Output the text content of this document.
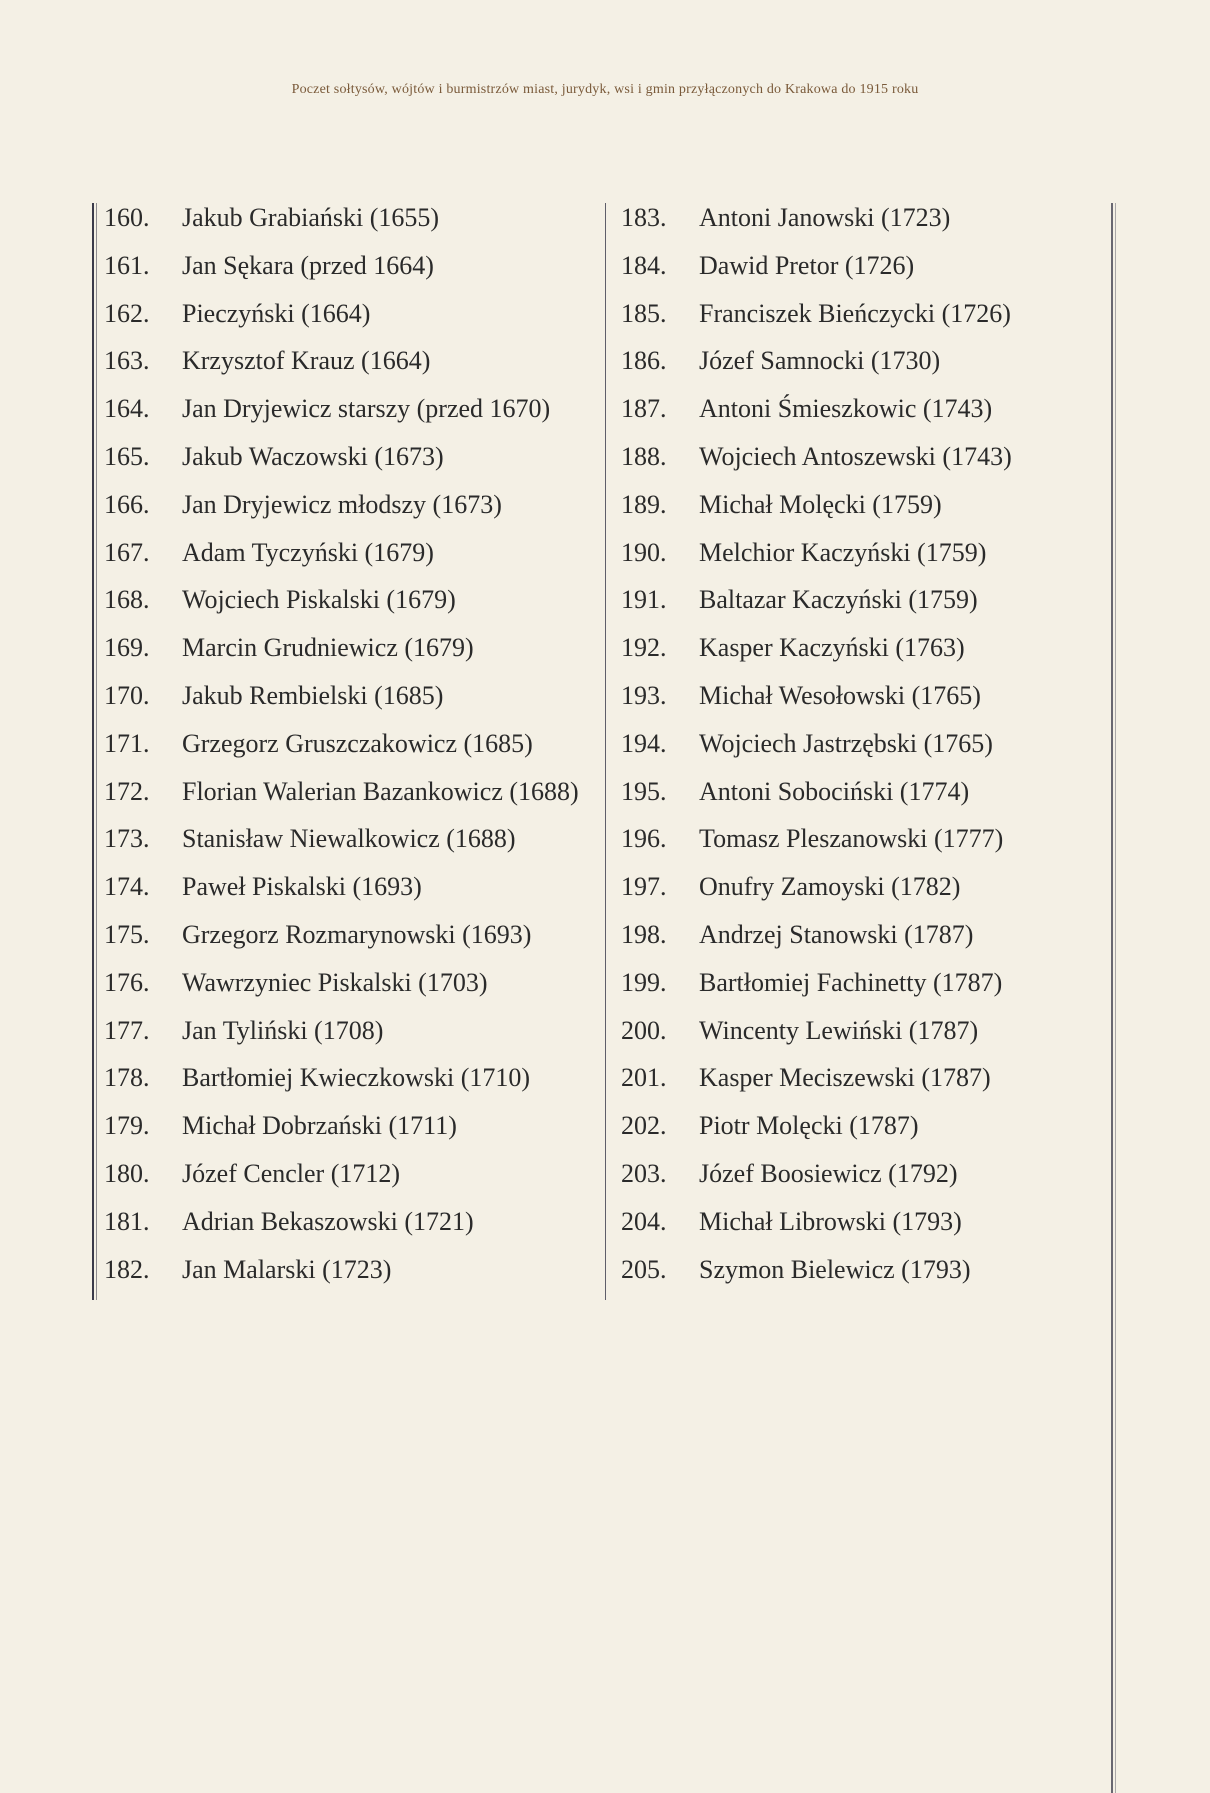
Poczet sołtysów, wójtów i burmistrzów miast, jurydyk, wsi i gmin przyłączonych do Krakowa do 1915 roku
160.	Jakub Grabiański (1655)
161.	Jan Sękara (przed 1664)
162.	Pieczyński (1664)
163.	Krzysztof Krauz (1664)
164.	Jan Dryjewicz starszy (przed 1670)
165.	Jakub Waczowski (1673)
166.	Jan Dryjewicz młodszy (1673)
167.	Adam Tyczyński (1679)
168.	Wojciech Piskalski (1679)
169.	Marcin Grudniewicz (1679)
170.	Jakub Rembielski (1685)
171.	Grzegorz Gruszczakowicz (1685)
172.	Florian Walerian Bazankowicz (1688)
173.	Stanisław Niewalkowicz (1688)
174.	Paweł Piskalski (1693)
175.	Grzegorz Rozmarynowski (1693)
176.	Wawrzyniec Piskalski (1703)
177.	Jan Tyliński (1708)
178.	Bartłomiej Kwieczkowski (1710)
179.	Michał Dobrzański (1711)
180.	Józef Cencler (1712)
181.	Adrian Bekaszowski (1721)
182.	Jan Malarski (1723)
183.	Antoni Janowski (1723)
184.	Dawid Pretor (1726)
185.	Franciszek Bieńczycki (1726)
186.	Józef Samnocki (1730)
187.	Antoni Śmieszkowic (1743)
188.	Wojciech Antoszewski (1743)
189.	Michał Molęcki (1759)
190.	Melchior Kaczyński (1759)
191.	Baltazar Kaczyński (1759)
192.	Kasper Kaczyński (1763)
193.	Michał Wesołowski (1765)
194.	Wojciech Jastrzębski (1765)
195.	Antoni Sobociński (1774)
196.	Tomasz Pleszanowski (1777)
197.	Onufry Zamoyski (1782)
198.	Andrzej Stanowski (1787)
199.	Bartłomiej Fachinetty (1787)
200.	Wincenty Lewiński (1787)
201.	Kasper Meciszewski (1787)
202.	Piotr Molęcki (1787)
203.	Józef Boosiewicz (1792)
204.	Michał Librowski (1793)
205.	Szymon Bielewicz (1793)
